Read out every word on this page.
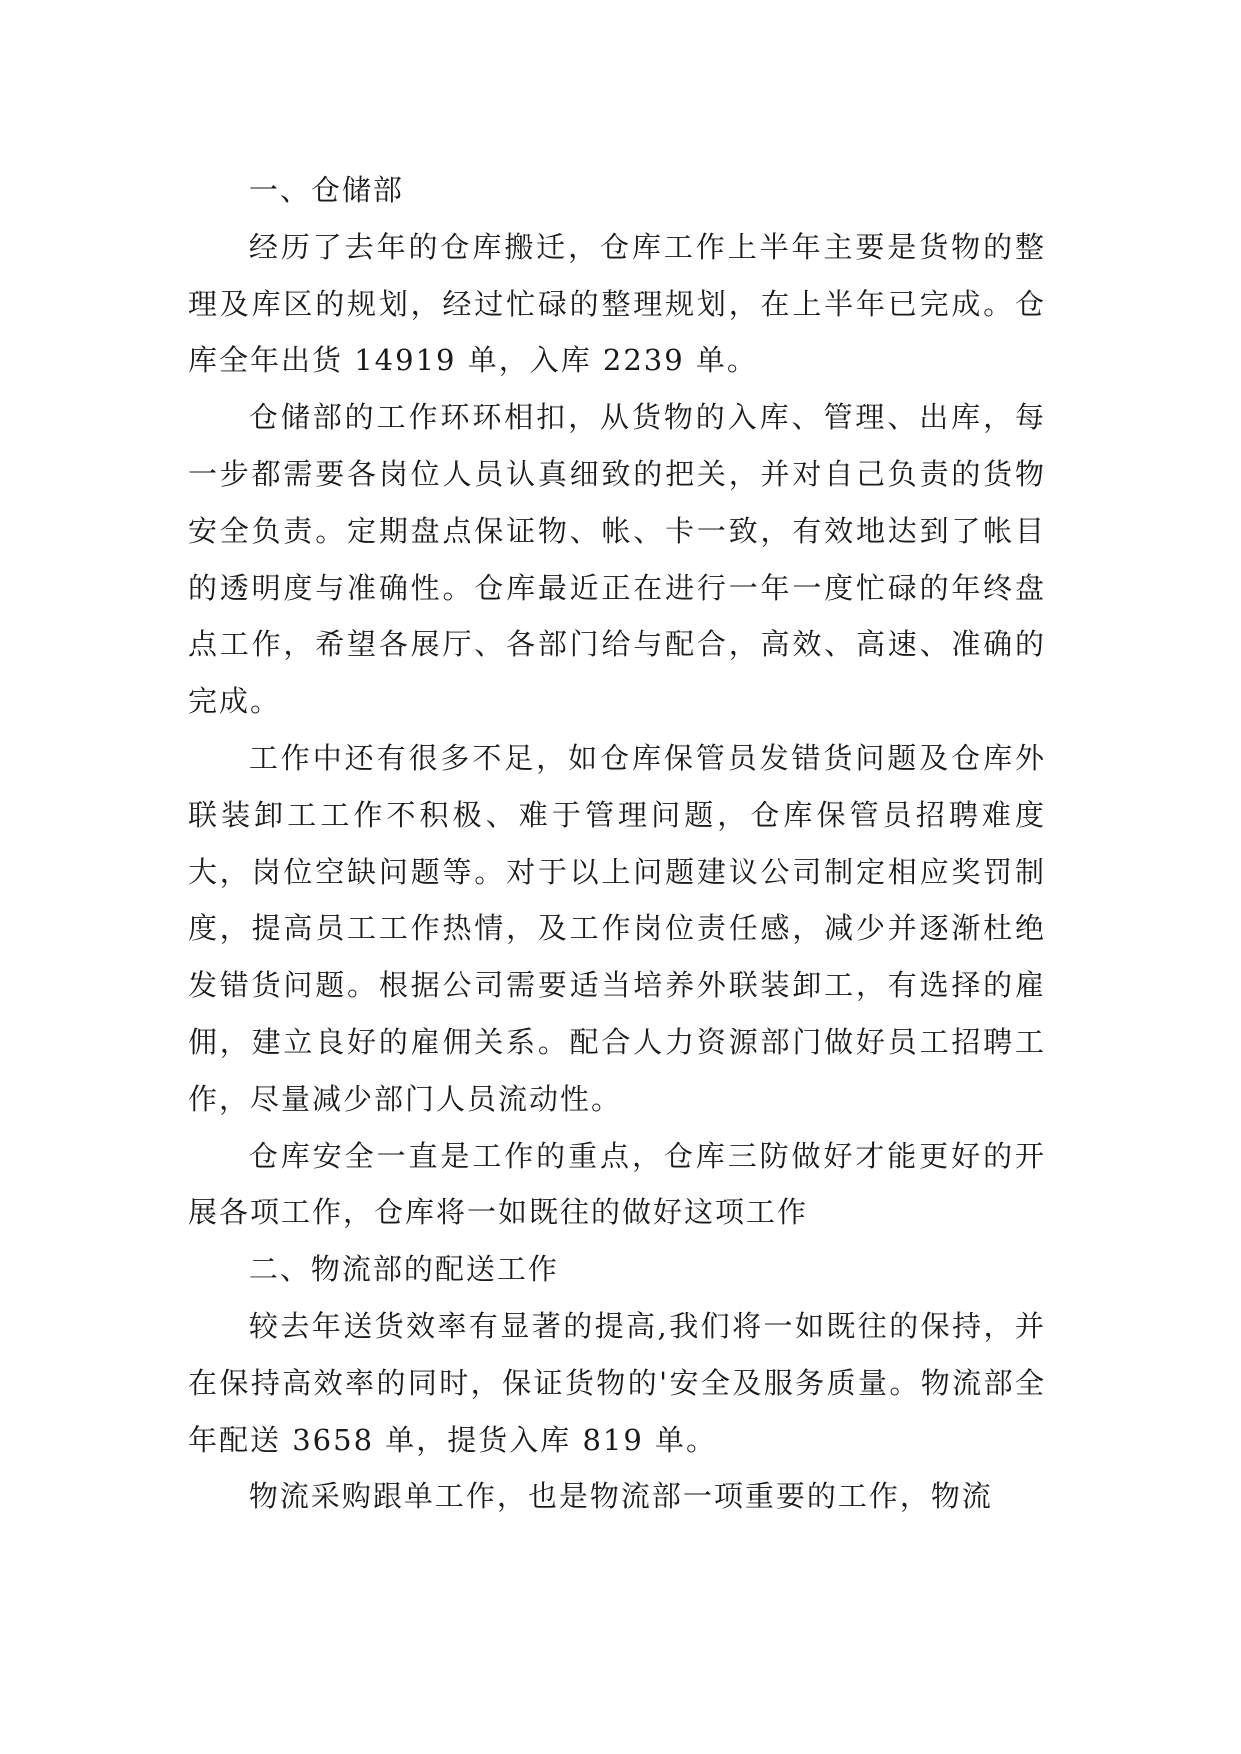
一、仓储部

经历了去年的仓库搬迁，仓库工作上半年主要是货物的整理及库区的规划，经过忙碌的整理规划，在上半年已完成。仓库全年出货 14919 单，入库 2239 单。

仓储部的工作环环相扣，从货物的入库、管理、出库，每一步都需要各岗位人员认真细致的把关，并对自己负责的货物安全负责。定期盘点保证物、帐、卡一致，有效地达到了帐目的透明度与准确性。仓库最近正在进行一年一度忙碌的年终盘点工作，希望各展厅、各部门给与配合，高效、高速、准确的完成。

工作中还有很多不足，如仓库保管员发错货问题及仓库外联装卸工工作不积极、难于管理问题，仓库保管员招聘难度大，岗位空缺问题等。对于以上问题建议公司制定相应奖罚制度，提高员工工作热情，及工作岗位责任感，减少并逐渐杜绝发错货问题。根据公司需要适当培养外联装卸工，有选择的雇佣，建立良好的雇佣关系。配合人力资源部门做好员工招聘工作，尽量减少部门人员流动性。

仓库安全一直是工作的重点，仓库三防做好才能更好的开展各项工作，仓库将一如既往的做好这项工作

二、物流部的配送工作

较去年送货效率有显著的提高,我们将一如既往的保持，并在保持高效率的同时，保证货物的'安全及服务质量。物流部全年配送 3658 单，提货入库 819 单。

物流采购跟单工作，也是物流部一项重要的工作，物流
